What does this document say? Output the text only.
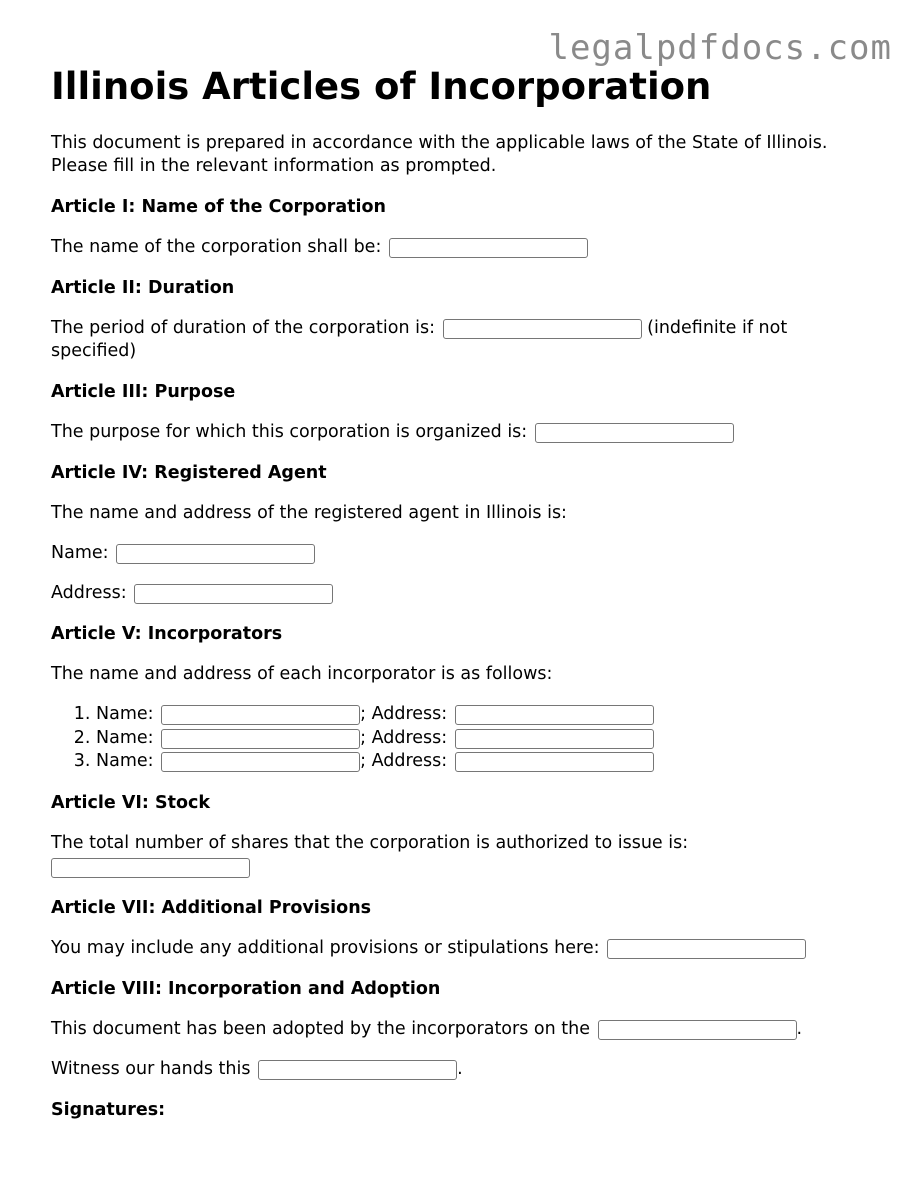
legalpdfdocs.com
Illinois Articles of Incorporation

This document is prepared in accordance with the applicable laws of the State of Illinois.

Please fill in the relevant information as prompted.

Article I: Name of the Corporation

The name of the corporation shall be:

Article II: Duration

The period of duration of the corporation is:	(indefinite if not specified)

Article III: Purpose

The purpose for which this corporation is organized is:

Article IV: Registered Agent

The name and address of the registered agent in Illinois is:

Name:

Address:

Article V: Incorporators

The name and address of each incorporator is as follows:

1. Name:	; Address:
2. Name:	; Address:
3. Name:	; Address:
Article VI: Stock

The total number of shares that the corporation is authorized to issue is:

Article VII: Additional Provisions

You may include any additional provisions or stipulations here:

Article VIII: Incorporation and Adoption

This document has been adopted by the incorporators on the	.

Witness our hands this	.

Signatures:
